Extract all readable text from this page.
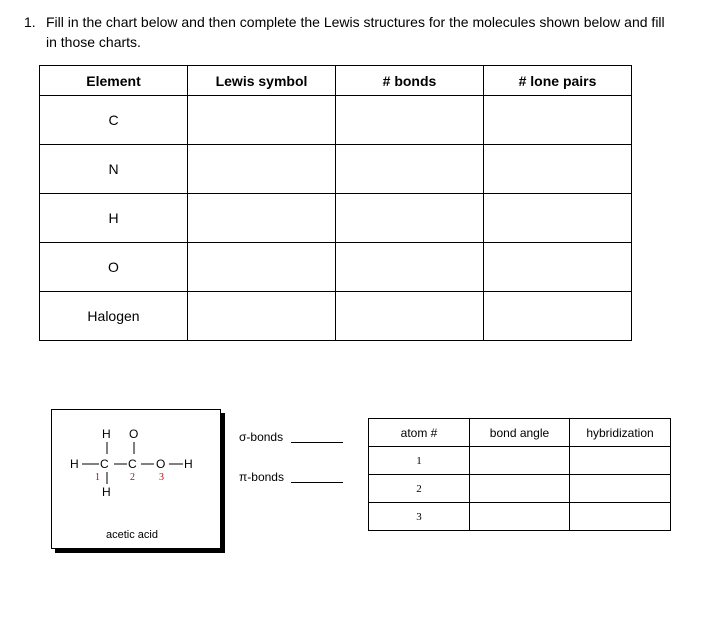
1. Fill in the chart below and then complete the Lewis structures for the molecules shown below and fill in those charts.
Element	Lewis symbol	# bonds	# lone pairs
C			
N			
H			
O			
Halogen			
H O
H C C O H
H
1	2 3
acetic acid
σ-bonds
π-bonds
atom #	bond angle	hybridization
1		
2		
3		
